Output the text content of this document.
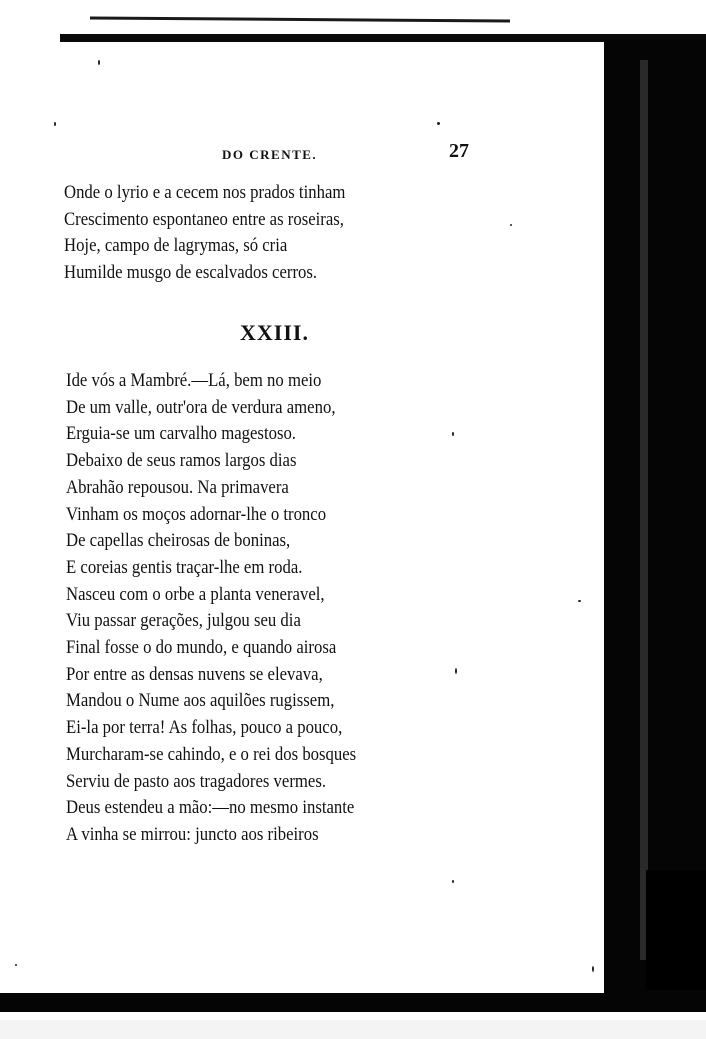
DO CRENTE.	27
Onde o lyrio e a cecem nos prados tinham
Crescimento espontaneo entre as roseiras,
Hoje, campo de lagrymas, só cria
Humilde musgo de escalvados cerros.
XXIII.
Ide vós a Mambré.—Lá, bem no meio
De um valle, outr'ora de verdura ameno,
Erguia-se um carvalho magestoso.
Debaixo de seus ramos largos dias
Abrahão repousou. Na primavera
Vinham os moços adornar-lhe o tronco
De capellas cheirosas de boninas,
E coreias gentis traçar-lhe em roda.
Nasceu com o orbe a planta veneravel,
Viu passar gerações, julgou seu dia
Final fosse o do mundo, e quando airosa
Por entre as densas nuvens se elevava,
Mandou o Nume aos aquilões rugissem,
Ei-la por terra! As folhas, pouco a pouco,
Murcharam-se cahindo, e o rei dos bosques
Serviu de pasto aos tragadores vermes.
Deus estendeu a mão:—no mesmo instante
A vinha se mirrou: juncto aos ribeiros
